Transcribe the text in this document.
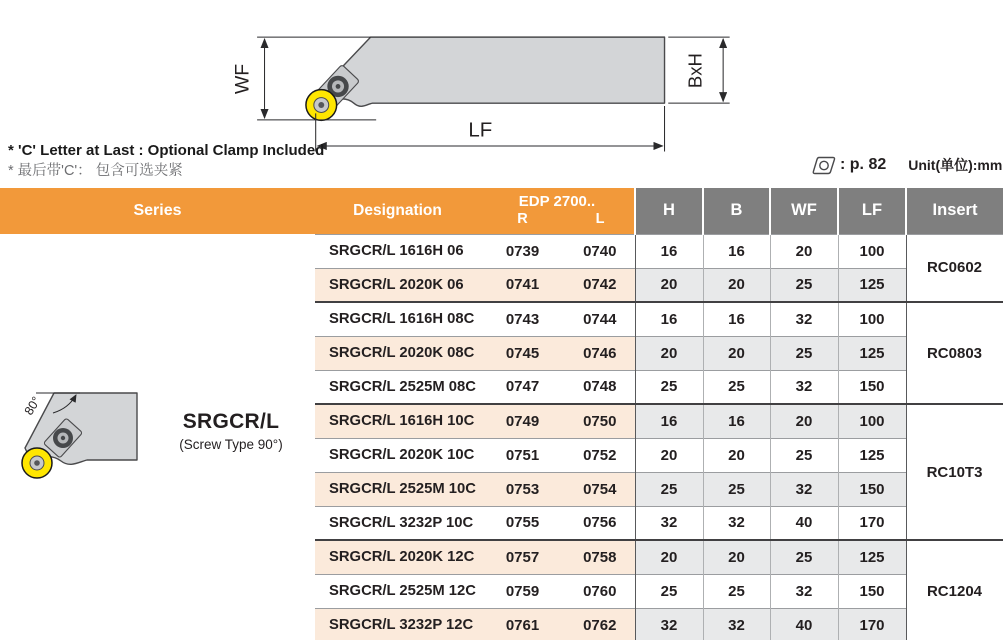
WF	BxH
LF
* 'C' Letter at Last : Optional Clamp Included
* 最后带'C'： 包含可选夹紧	: p. 82 Unit(单位):mm
Series
80°
SRGCR/L
(Screw Type 90°)
Designation	EDP 2700..
R L		H	B	WF	LF	Insert
SRGCR/L 1616H 06	0739	0740	16	16	20	100	RC0602
SRGCR/L 2020K 06	0741	0742	20	20	25	125	
SRGCR/L 1616H 08C	0743	0744	16	16	32	100	RC0803
SRGCR/L 2020K 08C	0745	0746	20	20	25	125	
SRGCR/L 2525M 08C	0747	0748	25	25	32	150	
SRGCR/L 1616H 10C	0749	0750	16	16	20	100	RC10T3
SRGCR/L 2020K 10C	0751	0752	20	20	25	125	
SRGCR/L 2525M 10C	0753	0754	25	25	32	150	
SRGCR/L 3232P 10C	0755	0756	32	32	40	170	
SRGCR/L 2020K 12C	0757	0758	20	20	25	125	RC1204
SRGCR/L 2525M 12C	0759	0760	25	25	32	150	
SRGCR/L 3232P 12C	0761	0762	32	32	40	170	
